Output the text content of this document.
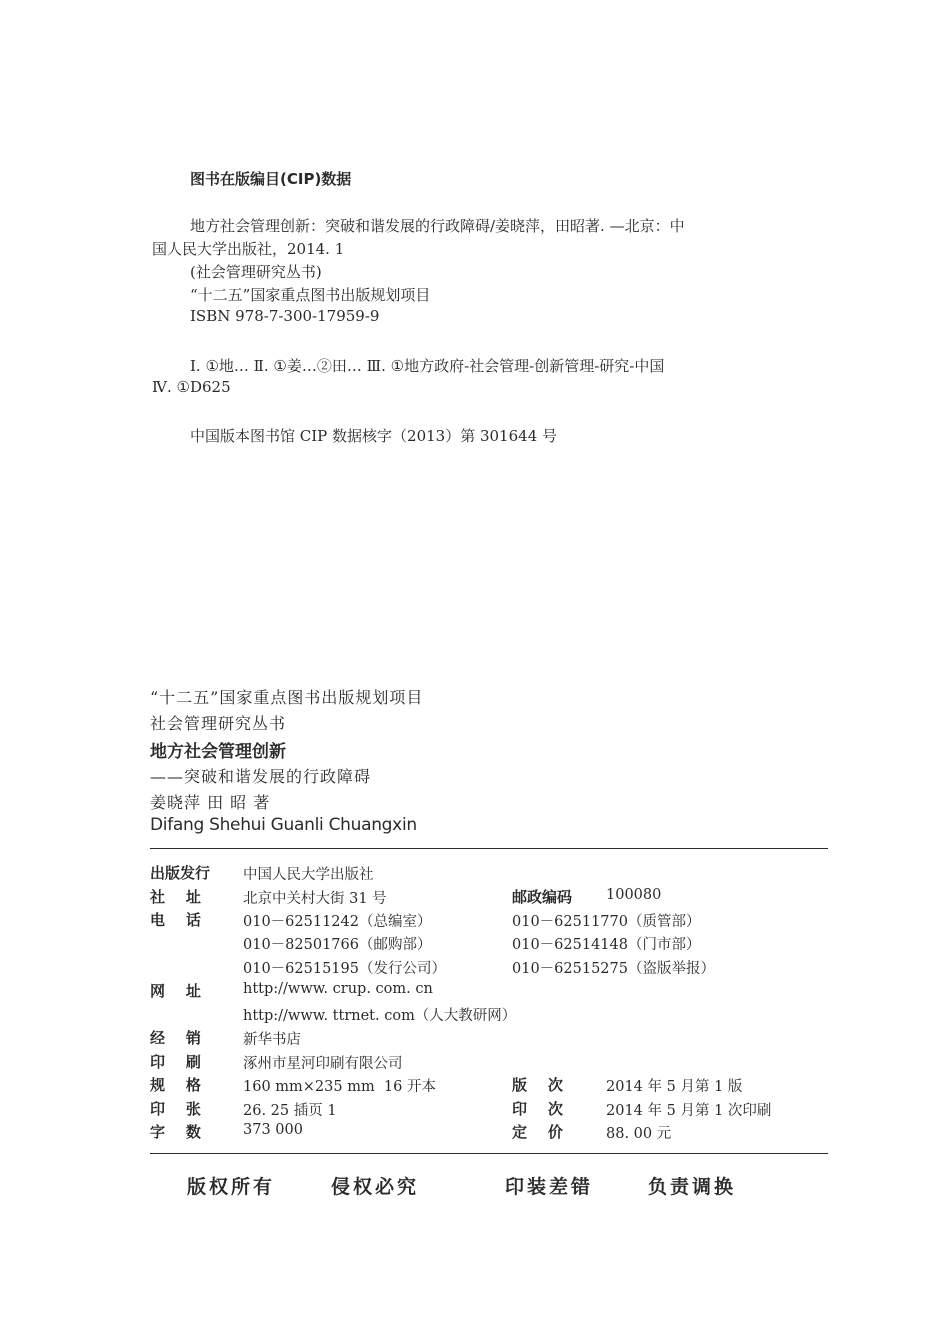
图书在版编目(CIP)数据
地方社会管理创新：突破和谐发展的行政障碍/姜晓萍，田昭著. —北京：中
国人民大学出版社，2014. 1
(社会管理研究丛书)
“十二五”国家重点图书出版规划项目
ISBN 978-7-300-17959-9
Ⅰ. ①地… Ⅱ. ①姜…②田… Ⅲ. ①地方政府-社会管理-创新管理-研究-中国
Ⅳ. ①D625
中国版本图书馆 CIP 数据核字（2013）第 301644 号
“十二五”国家重点图书出版规划项目
社会管理研究丛书
地方社会管理创新
——突破和谐发展的行政障碍
姜晓萍 田 昭 著
Difang Shehui Guanli Chuangxin
出版发行 中国人民大学出版社
社    址	北京中关村大街 31 号	邮政编码 100080
电    话	010－62511242（总编室）	010－62511770（质管部）
010－82501766（邮购部）	010－62514148（门市部）
010－62515195（发行公司）	010－62515275（盗版举报）
网    址	http://www. crup. com. cn
http://www. ttrnet. com（人大教研网）
经    销	新华书店
印    刷	涿州市星河印刷有限公司
规    格	160 mm×235 mm  16 开本	版    次	2014 年 5 月第 1 版
印    张	26. 25 插页 1	印    次	2014 年 5 月第 1 次印刷
字    数	373 000	定    价	88. 00 元
版权所有	侵权必究	印装差错	负责调换
